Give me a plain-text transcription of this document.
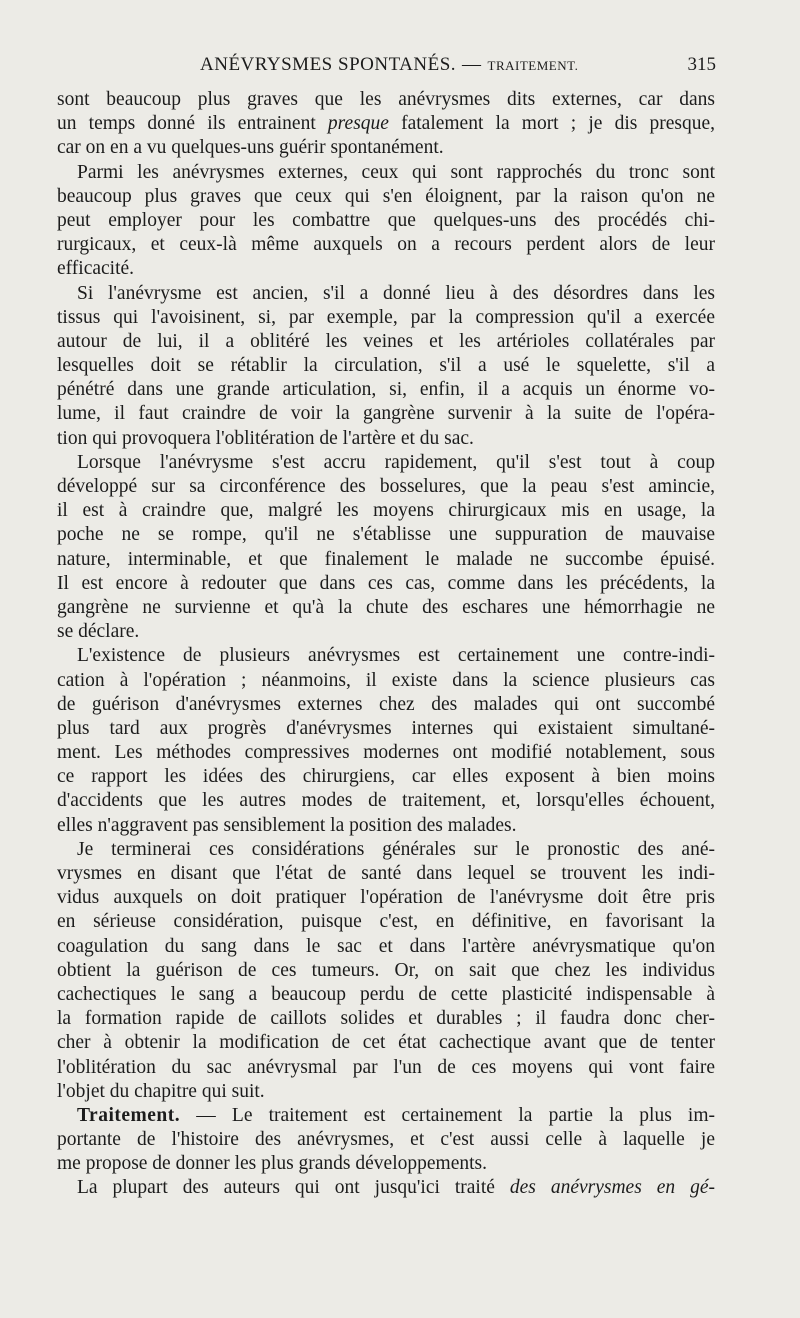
ANÉVRYSMES SPONTANÉS. — TRAITEMENT.	315
sont beaucoup plus graves que les anévrysmes dits externes, car dans
un temps donné ils entrainent presque fatalement la mort ; je dis presque,
car on en a vu quelques-uns guérir spontanément.
Parmi les anévrysmes externes, ceux qui sont rapprochés du tronc sont
beaucoup plus graves que ceux qui s'en éloignent, par la raison qu'on ne
peut employer pour les combattre que quelques-uns des procédés chi-
rurgicaux, et ceux-là même auxquels on a recours perdent alors de leur
efficacité.
Si l'anévrysme est ancien, s'il a donné lieu à des désordres dans les
tissus qui l'avoisinent, si, par exemple, par la compression qu'il a exercée
autour de lui, il a oblitéré les veines et les artérioles collatérales par
lesquelles doit se rétablir la circulation, s'il a usé le squelette, s'il a
pénétré dans une grande articulation, si, enfin, il a acquis un énorme vo-
lume, il faut craindre de voir la gangrène survenir à la suite de l'opéra-
tion qui provoquera l'oblitération de l'artère et du sac.
Lorsque l'anévrysme s'est accru rapidement, qu'il s'est tout à coup
développé sur sa circonférence des bosselures, que la peau s'est amincie,
il est à craindre que, malgré les moyens chirurgicaux mis en usage, la
poche ne se rompe, qu'il ne s'établisse une suppuration de mauvaise
nature, interminable, et que finalement le malade ne succombe épuisé.
Il est encore à redouter que dans ces cas, comme dans les précédents, la
gangrène ne survienne et qu'à la chute des eschares une hémorrhagie ne
se déclare.
L'existence de plusieurs anévrysmes est certainement une contre-indi-
cation à l'opération ; néanmoins, il existe dans la science plusieurs cas
de guérison d'anévrysmes externes chez des malades qui ont succombé
plus tard aux progrès d'anévrysmes internes qui existaient simultané-
ment. Les méthodes compressives modernes ont modifié notablement, sous
ce rapport les idées des chirurgiens, car elles exposent à bien moins
d'accidents que les autres modes de traitement, et, lorsqu'elles échouent,
elles n'aggravent pas sensiblement la position des malades.
Je terminerai ces considérations générales sur le pronostic des ané-
vrysmes en disant que l'état de santé dans lequel se trouvent les indi-
vidus auxquels on doit pratiquer l'opération de l'anévrysme doit être pris
en sérieuse considération, puisque c'est, en définitive, en favorisant la
coagulation du sang dans le sac et dans l'artère anévrysmatique qu'on
obtient la guérison de ces tumeurs. Or, on sait que chez les individus
cachectiques le sang a beaucoup perdu de cette plasticité indispensable à
la formation rapide de caillots solides et durables ; il faudra donc cher-
cher à obtenir la modification de cet état cachectique avant que de tenter
l'oblitération du sac anévrysmal par l'un de ces moyens qui vont faire
l'objet du chapitre qui suit.
Traitement. — Le traitement est certainement la partie la plus im-
portante de l'histoire des anévrysmes, et c'est aussi celle à laquelle je
me propose de donner les plus grands développements.
La plupart des auteurs qui ont jusqu'ici traité des anévrysmes en gé-
